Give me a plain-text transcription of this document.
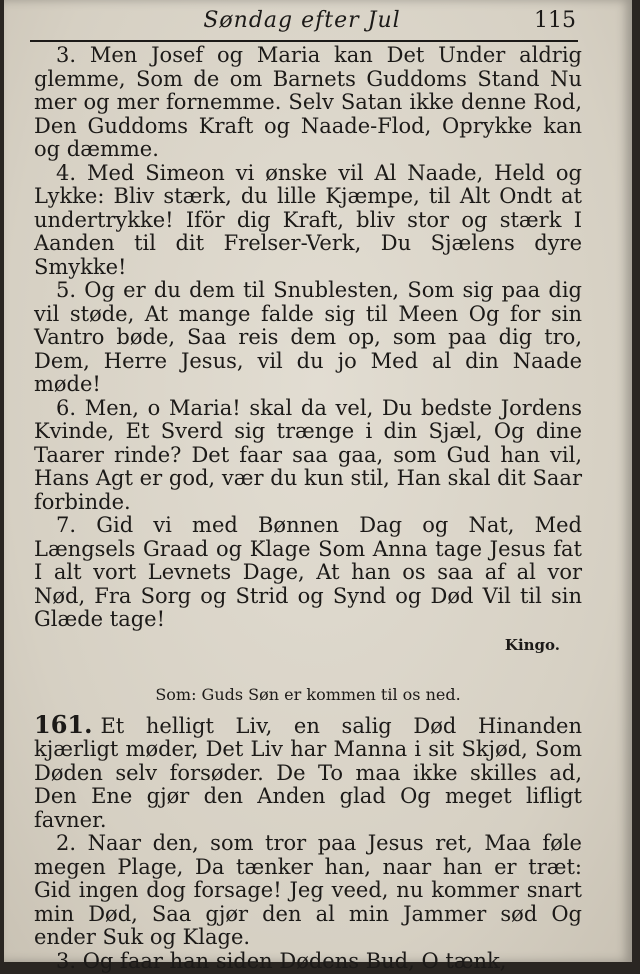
Søndag efter Jul	115

3. Men Josef og Maria kan Det Under aldrig glemme, Som de om Barnets Guddoms Stand Nu mer og mer fornemme. Selv Satan ikke denne Rod, Den Guddoms Kraft og Naade-Flod, Oprykke kan og dæmme.

4. Med Simeon vi ønske vil Al Naade, Held og Lykke: Bliv stærk, du lille Kjæmpe, til Alt Ondt at undertrykke! Iför dig Kraft, bliv stor og stærk I Aanden til dit Frelser-Verk, Du Sjælens dyre Smykke!

5. Og er du dem til Snublesten, Som sig paa dig vil støde, At mange falde sig til Meen Og for sin Vantro bøde, Saa reis dem op, som paa dig tro, Dem, Herre Jesus, vil du jo Med al din Naade møde!

6. Men, o Maria! skal da vel, Du bedste Jordens Kvinde, Et Sverd sig trænge i din Sjæl, Og dine Taarer rinde? Det faar saa gaa, som Gud han vil, Hans Agt er god, vær du kun stil, Han skal dit Saar forbinde.

7. Gid vi med Bønnen Dag og Nat, Med Længsels Graad og Klage Som Anna tage Jesus fat I alt vort Levnets Dage, At han os saa af al vor Nød, Fra Sorg og Strid og Synd og Død Vil til sin Glæde tage!

Kingo.

Som: Guds Søn er kommen til os ned.

161. Et helligt Liv, en salig Død Hinanden kjærligt møder, Det Liv har Manna i sit Skjød, Som Døden selv forsøder. De To maa ikke skilles ad, Den Ene gjør den Anden glad Og meget lifligt favner.

2. Naar den, som tror paa Jesus ret, Maa føle megen Plage, Da tænker han, naar han er træt: Gid ingen dog forsage! Jeg veed, nu kommer snart min Død, Saa gjør den al min Jammer sød Og ender Suk og Klage.

3. Og faar han siden Dødens Bud, O tænk,
